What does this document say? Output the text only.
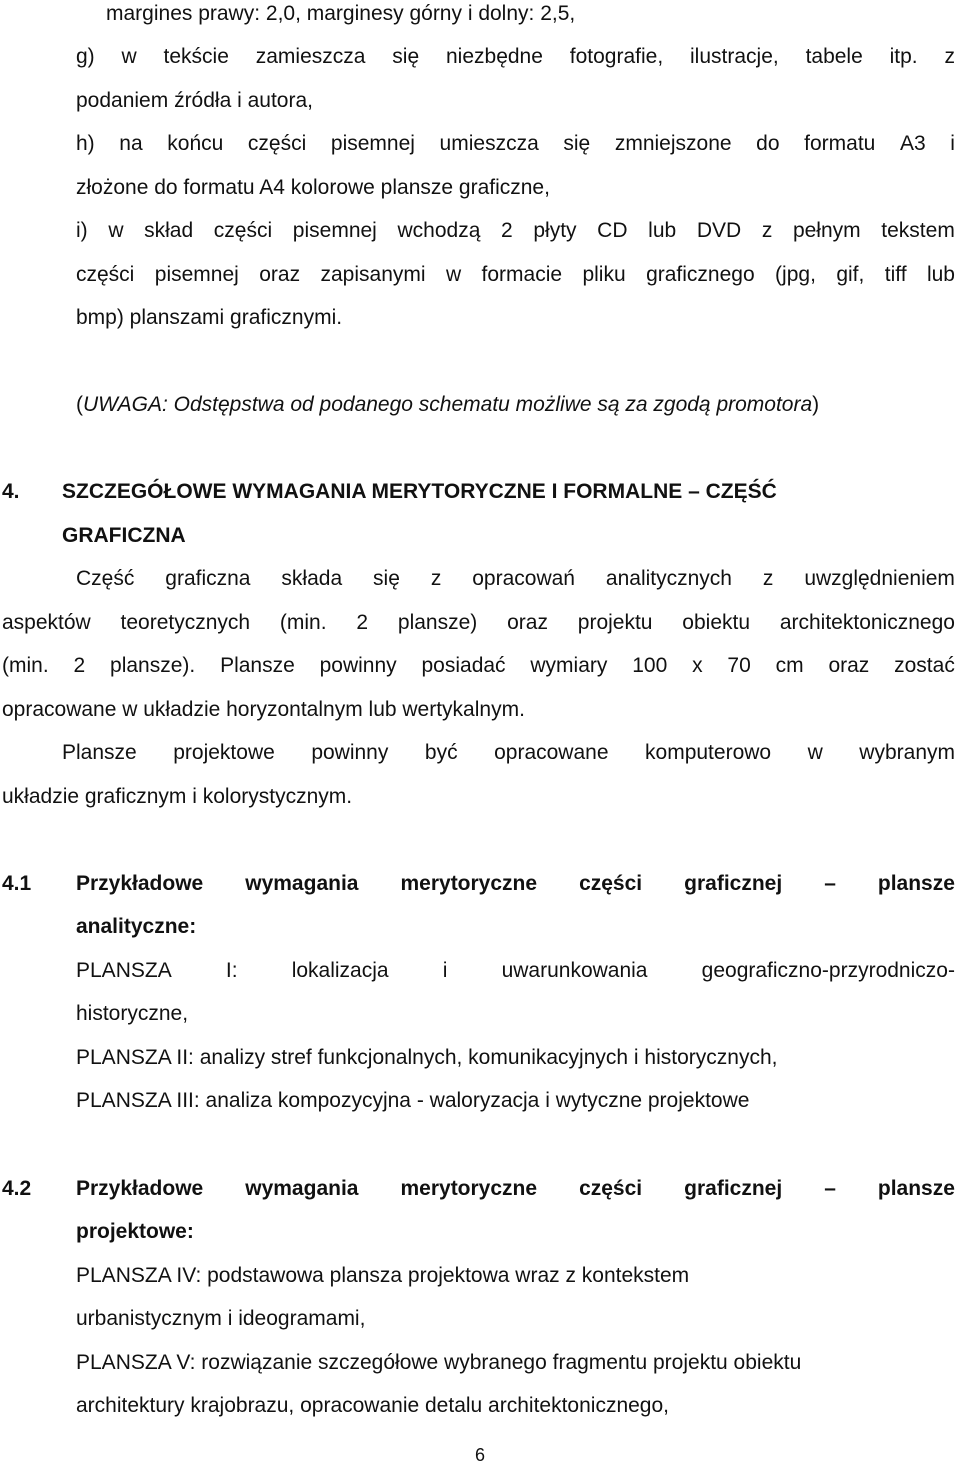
margines prawy: 2,0, marginesy górny i dolny: 2,5,
g) w tekście zamieszcza się niezbędne fotografie, ilustracje, tabele itp. z
podaniem źródła i autora,
h) na końcu części pisemnej umieszcza się zmniejszone do formatu A3 i
złożone do formatu A4 kolorowe plansze graficzne,
i) w skład części pisemnej wchodzą 2 płyty CD lub DVD z pełnym tekstem
części pisemnej oraz zapisanymi w formacie pliku graficznego (jpg, gif, tiff lub
bmp) planszami graficznymi.
(UWAGA: Odstępstwa od podanego schematu możliwe są za zgodą promotora)
4. SZCZEGÓŁOWE WYMAGANIA MERYTORYCZNE I FORMALNE – CZĘŚĆ
GRAFICZNA
Część graficzna składa się z opracowań analitycznych z uwzględnieniem
aspektów teoretycznych (min. 2 plansze) oraz projektu obiektu architektonicznego
(min. 2 plansze). Plansze powinny posiadać wymiary 100 x 70 cm oraz zostać
opracowane w układzie horyzontalnym lub wertykalnym.
Plansze projektowe powinny być opracowane komputerowo w wybranym
układzie graficznym i kolorystycznym.
4.1 Przykładowe wymagania merytoryczne części graficznej – plansze
analityczne:
PLANSZA	I:	lokalizacja	i	uwarunkowania	geograficzno-przyrodniczo-
historyczne,
PLANSZA II: analizy stref funkcjonalnych, komunikacyjnych i historycznych,
PLANSZA III: analiza kompozycyjna - waloryzacja i wytyczne projektowe
4.2 Przykładowe wymagania merytoryczne części graficznej – plansze
projektowe:
PLANSZA IV: podstawowa plansza projektowa wraz z kontekstem
urbanistycznym i ideogramami,
PLANSZA V: rozwiązanie szczegółowe wybranego fragmentu projektu obiektu
architektury krajobrazu, opracowanie detalu architektonicznego,
6
